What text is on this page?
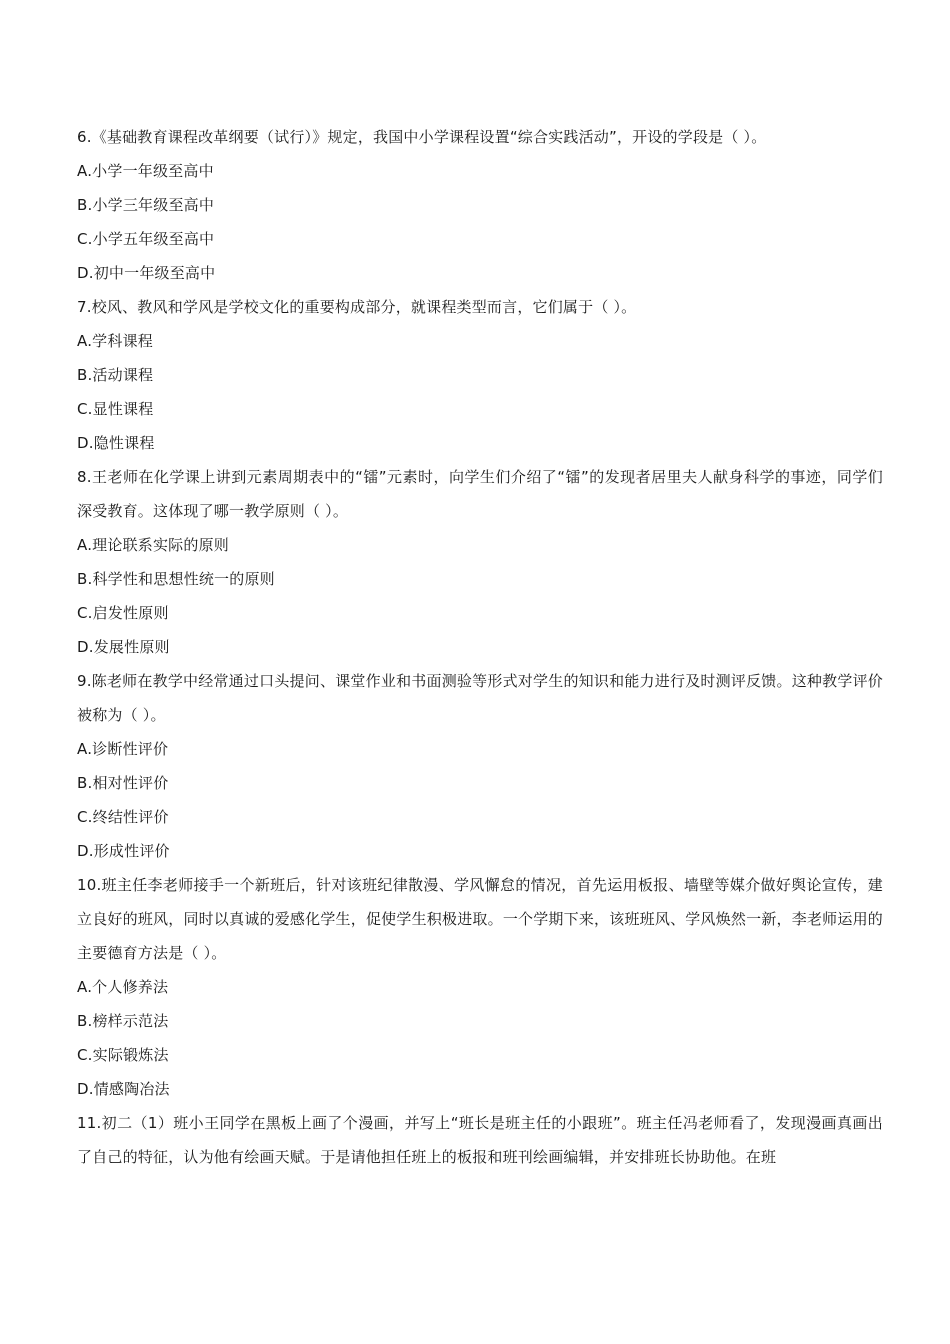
6.《基础教育课程改革纲要（试行）》规定，我国中小学课程设置“综合实践活动”，开设的学段是（ ）。
A.小学一年级至高中
B.小学三年级至高中
C.小学五年级至高中
D.初中一年级至高中
7.校风、教风和学风是学校文化的重要构成部分，就课程类型而言，它们属于（ ）。
A.学科课程
B.活动课程
C.显性课程
D.隐性课程
8.王老师在化学课上讲到元素周期表中的“镭”元素时，向学生们介绍了“镭”的发现者居里夫人献身科学的事迹，同学们深受教育。这体现了哪一教学原则（ ）。
A.理论联系实际的原则
B.科学性和思想性统一的原则
C.启发性原则
D.发展性原则
9.陈老师在教学中经常通过口头提问、课堂作业和书面测验等形式对学生的知识和能力进行及时测评反馈。这种教学评价被称为（ ）。
A.诊断性评价
B.相对性评价
C.终结性评价
D.形成性评价
10.班主任李老师接手一个新班后，针对该班纪律散漫、学风懈怠的情况，首先运用板报、墙壁等媒介做好舆论宣传，建立良好的班风，同时以真诚的爱感化学生，促使学生积极进取。一个学期下来，该班班风、学风焕然一新，李老师运用的主要德育方法是（ ）。
A.个人修养法
B.榜样示范法
C.实际锻炼法
D.情感陶冶法
11.初二（1）班小王同学在黑板上画了个漫画，并写上“班长是班主任的小跟班”。班主任冯老师看了，发现漫画真画出了自己的特征，认为他有绘画天赋。于是请他担任班上的板报和班刊绘画编辑，并安排班长协助他。在班
